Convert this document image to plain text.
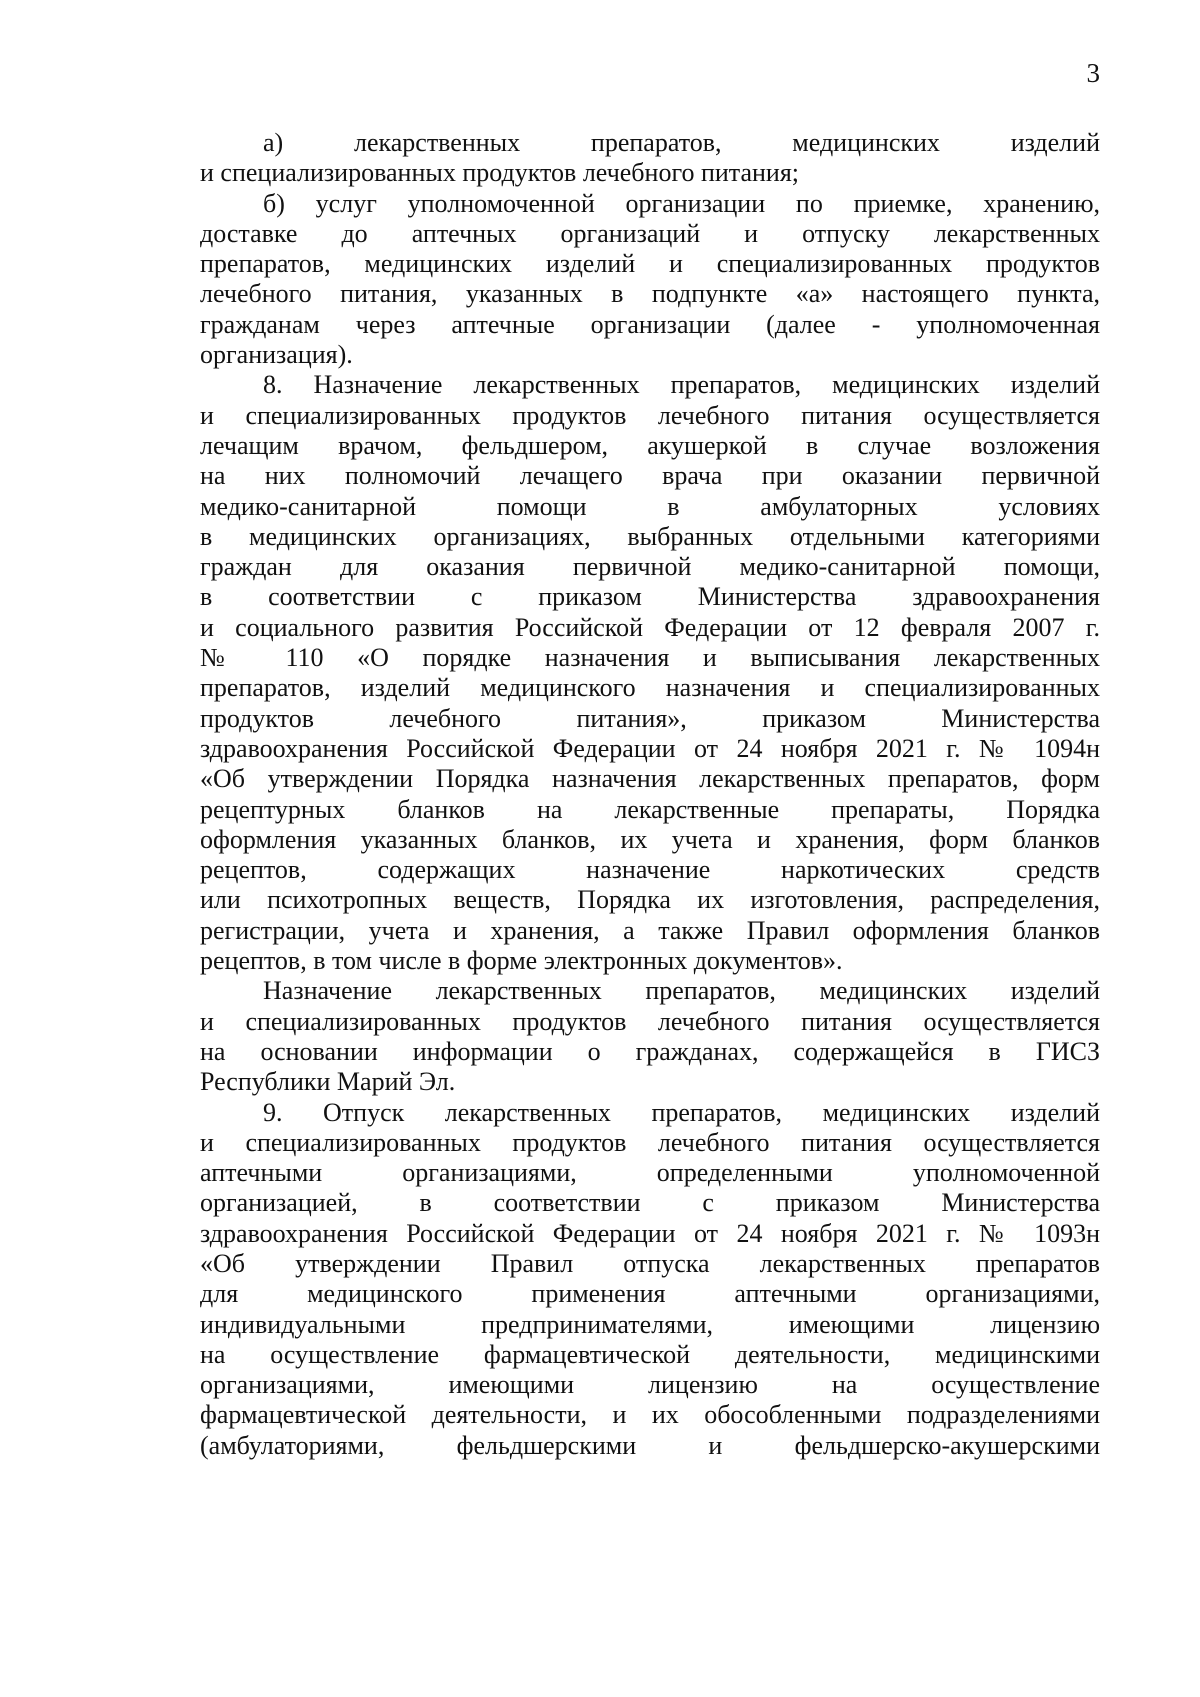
3
а) лекарственных препаратов, медицинских изделий
и специализированных продуктов лечебного питания;
б) услуг уполномоченной организации по приемке, хранению,
доставке до аптечных организаций и отпуску лекарственных
препаратов, медицинских изделий и специализированных продуктов
лечебного питания, указанных в подпункте «а» настоящего пункта,
гражданам через аптечные организации (далее - уполномоченная
организация).
8. Назначение лекарственных препаратов, медицинских изделий
и специализированных продуктов лечебного питания осуществляется
лечащим врачом, фельдшером, акушеркой в случае возложения
на них полномочий лечащего врача при оказании первичной
медико-санитарной помощи в амбулаторных условиях
в медицинских организациях, выбранных отдельными категориями
граждан для оказания первичной медико-санитарной помощи,
в соответствии с приказом Министерства здравоохранения
и социального развития Российской Федерации от 12 февраля 2007 г.
№ 110 «О порядке назначения и выписывания лекарственных
препаратов, изделий медицинского назначения и специализированных
продуктов лечебного питания», приказом Министерства
здравоохранения Российской Федерации от 24 ноября 2021 г. № 1094н
«Об утверждении Порядка назначения лекарственных препаратов, форм
рецептурных бланков на лекарственные препараты, Порядка
оформления указанных бланков, их учета и хранения, форм бланков
рецептов, содержащих назначение наркотических средств
или психотропных веществ, Порядка их изготовления, распределения,
регистрации, учета и хранения, а также Правил оформления бланков
рецептов, в том числе в форме электронных документов».
Назначение лекарственных препаратов, медицинских изделий
и специализированных продуктов лечебного питания осуществляется
на основании информации о гражданах, содержащейся в ГИСЗ
Республики Марий Эл.
9. Отпуск лекарственных препаратов, медицинских изделий
и специализированных продуктов лечебного питания осуществляется
аптечными организациями, определенными уполномоченной
организацией, в соответствии с приказом Министерства
здравоохранения Российской Федерации от 24 ноября 2021 г. № 1093н
«Об утверждении Правил отпуска лекарственных препаратов
для медицинского применения аптечными организациями,
индивидуальными предпринимателями, имеющими лицензию
на осуществление фармацевтической деятельности, медицинскими
организациями, имеющими лицензию на осуществление
фармацевтической деятельности, и их обособленными подразделениями
(амбулаториями, фельдшерскими и фельдшерско-акушерскими
